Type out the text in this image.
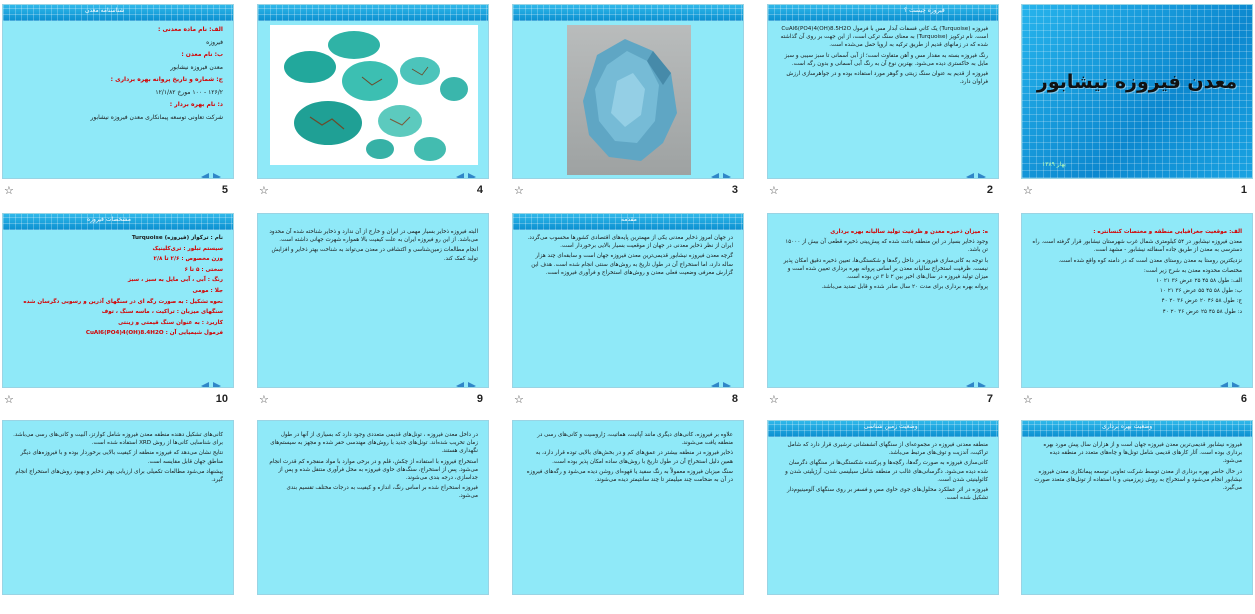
معدن فیروزه نیشابور
بهار ۱۳۸۹
☆	1
فیروزه چیست ؟

فیروزه (Turquoise) یک کانیِ فسفات آبدار مس با فرمول CuAl6(PO4)4(OH)8.5H2O است. نام ترکویز (Turquoise) به معنای سنگ ترکی است، از این جهت بر روی آن گذاشته شده که در زمانهای قدیم از طریق ترکیه به اروپا حمل می‌شده است.

رنگ فیروزه بسته به مقدار مس و آهن متفاوت است؛ از آبی آسمانی تا سبز سیبی و سبز مایل به خاکستری دیده می‌شود. بهترین نوع آن به رنگ آبی آسمانی و بدون رگه است.

فیروزه از قدیم به عنوان سنگ زینتی و گوهر مورد استفاده بوده و در جواهرسازی ارزش فراوان دارد.

☆	2
☆	3
☆	4
شناسنامه معدن

الف: نام ماده معدنی :

فیروزه

ب: نام معدن :

معدن فیروزه نیشابور

ج: شماره و تاریخ پروانه بهره برداری :

۱۲۶/۲ - ۱۰۰ مورخ ۱۲/۱/۸۲

د: نام بهره بردار :

شرکت تعاونی توسعه پیمانکاری معدن فیروزه نیشابور

☆	5

الف: موقعیت جغرافیایی منطقه و مختصات کنسانتره :

معدن فیروزه نیشابور در ۵۴ کیلومتری شمال غرب شهرستان نیشابور قرار گرفته است. راه دسترسی به معدن از طریق جاده آسفالته نیشابور - مشهد است.

نزدیکترین روستا به معدن روستای معدن است که در دامنه کوه واقع شده است.

مختصات محدوده معدن به شرح زیر است:

الف: طول ۵۸ ۴۵ ۲۵ عرض ۳۶ ۲۱ ۱۰

ب: طول ۵۸ ۴۵ ۵۵ عرض ۳۶ ۲۱ ۱۰

ج: طول ۵۸ ۴۶ ۲۰ عرض ۳۶ ۲۰ ۴۰

د: طول ۵۸ ۴۵ ۲۵ عرض ۳۶ ۲۰ ۴۰

☆	6

ه: میزان ذخیره معدن و ظرفیت تولید سالیانه بهره برداری

وجود ذخایر بسیار در این منطقه باعث شده که پیش‌بینی ذخیره قطعی آن بیش از ۱۵۰۰۰ تن باشد.

با توجه به کانی‌سازی فیروزه در داخل رگه‌ها و شکستگی‌ها، تعیین ذخیره دقیق امکان پذیر نیست. ظرفیت استخراج سالیانه معدن بر اساس پروانه بهره برداری تعیین شده است و میزان تولید فیروزه در سال‌های اخیر بین ۲ تا ۳ تن بوده است.

پروانه بهره برداری برای مدت ۲۰ سال صادر شده و قابل تمدید می‌باشد.

☆	7
مقدمه

در جهان امروز ذخایر معدنی یکی از مهمترین پایه‌های اقتصادی کشورها محسوب می‌گردد. ایران از نظر ذخایر معدنی در جهان از موقعیت بسیار بالایی برخوردار است.

گرچه معدن فیروزه نیشابور قدیمی‌ترین معدن فیروزه جهان است و سابقه‌ای چند هزار ساله دارد، اما استخراج آن در طول تاریخ به روش‌های سنتی انجام شده است. هدف این گزارش معرفی وضعیت فعلی معدن و روش‌های استخراج و فرآوری فیروزه است.

☆	8

البته فیروزه ذخایر بسیار مهمی در ایران و خارج از آن ندارد و ذخایر شناخته شده آن محدود می‌باشد. از این رو فیروزه ایران به علت کیفیت بالا همواره شهرت جهانی داشته است.

انجام مطالعات زمین‌شناسی و اکتشافی در معدن می‌تواند به شناخت بهتر ذخایر و افزایش تولید کمک کند.

☆	9
مشخصات فیروزه

نام : ترکواز (فیروزه) Turquoise

سیستم تبلور : تری‌کلینیک

وزن مخصوص : ۲/۶ تا ۲/۸

سختی : ۵ تا ۶

رنگ : آبی ، آبی مایل به سبز ، سبز

جلا : مومی

نحوه تشکیل : به صورت رگه ای در سنگهای آذرین و رسوبی دگرسان شده

سنگهای میزبان : تراکیت ، ماسه سنگ ، توف

کاربرد : به عنوان سنگ قیمتی و زینتی

فرمول شیمیایی آن : CuAl6(PO4)4(OH)8.4H2O

☆	10
وضعیت بهره برداری

فیروزه نیشابور قدیمی‌ترین معدن فیروزه جهان است و از هزاران سال پیش مورد بهره برداری بوده است. آثار کارهای قدیمی شامل تونل‌ها و چاه‌های متعدد در منطقه دیده می‌شود.

در حال حاضر بهره برداری از معدن توسط شرکت تعاونی توسعه پیمانکاری معدن فیروزه نیشابور انجام می‌شود و استخراج به روش زیرزمینی و با استفاده از تونل‌های متعدد صورت می‌گیرد.

وضعیت زمین شناسی

منطقه معدنی فیروزه در مجموعه‌ای از سنگهای آتشفشانی ترشیری قرار دارد که شامل تراکیت، آندزیت و توف‌های مرتبط می‌باشد.

کانی‌سازی فیروزه به صورت رگه‌ها، رگچه‌ها و پرکننده شکستگی‌ها در سنگهای دگرسان شده دیده می‌شود. دگرسانی‌های غالب در منطقه شامل سیلیسی شدن، آرژیلیتی شدن و کائولینیتی شدن است.

فیروزه در اثر عملکرد محلول‌های جوی حاوی مس و فسفر بر روی سنگهای آلومینیوم‌دار تشکیل شده است.

علاوه بر فیروزه، کانی‌های دیگری مانند آپاتیت، هماتیت، ژاروسیت و کانی‌های رسی در منطقه یافت می‌شوند.

ذخایر فیروزه در منطقه بیشتر در عمق‌های کم و در بخش‌های بالایی توده قرار دارد، به همین دلیل استخراج آن در طول تاریخ با روش‌های ساده امکان پذیر بوده است.

سنگ میزبان فیروزه معمولاً به رنگ سفید یا قهوه‌ای روشن دیده می‌شود و رگه‌های فیروزه در آن به ضخامت چند میلیمتر تا چند سانتیمتر دیده می‌شوند.

در داخل معدن فیروزه ، تونل‌های قدیمی متعددی وجود دارد که بسیاری از آنها در طول زمان تخریب شده‌اند. تونل‌های جدید با روش‌های مهندسی حفر شده و مجهز به سیستم‌های نگهداری هستند.

استخراج فیروزه با استفاده از چکش، قلم و در برخی موارد با مواد منفجره کم قدرت انجام می‌شود. پس از استخراج، سنگ‌های حاوی فیروزه به محل فرآوری منتقل شده و پس از جداسازی، درجه بندی می‌شوند.

فیروزه استخراج شده بر اساس رنگ، اندازه و کیفیت به درجات مختلف تقسیم بندی می‌شود.

کانی‌های تشکیل دهنده منطقه معدن فیروزه شامل کوارتز، آلبیت و کانی‌های رسی می‌باشد. برای شناسایی کانی‌ها از روش XRD استفاده شده است.

نتایج نشان می‌دهد که فیروزه منطقه از کیفیت بالایی برخوردار بوده و با فیروزه‌های دیگر مناطق جهان قابل مقایسه است.

پیشنهاد می‌شود مطالعات تکمیلی برای ارزیابی بهتر ذخایر و بهبود روش‌های استخراج انجام گیرد.
